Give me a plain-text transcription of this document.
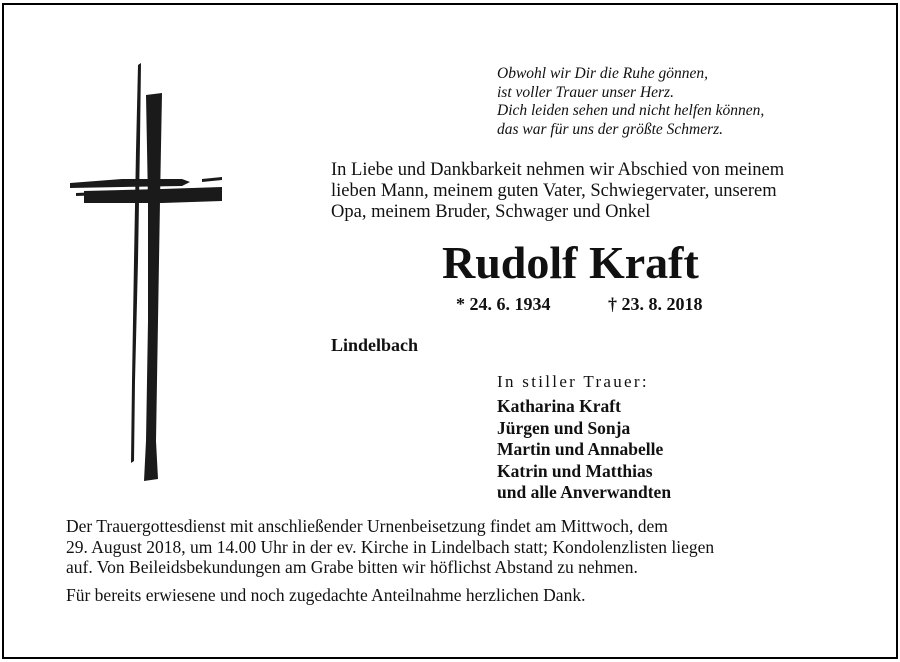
Obwohl wir Dir die Ruhe gönnen,
ist voller Trauer unser Herz.
Dich leiden sehen und nicht helfen können,
das war für uns der größte Schmerz.
In Liebe und Dankbarkeit nehmen wir Abschied von meinem
lieben Mann, meinem guten Vater, Schwiegervater, unserem
Opa, meinem Bruder, Schwager und Onkel
Rudolf Kraft
* 24. 6. 1934	† 23. 8. 2018
Lindelbach
In stiller Trauer:
Katharina Kraft
Jürgen und Sonja
Martin und Annabelle
Katrin und Matthias
und alle Anverwandten
Der Trauergottesdienst mit anschließender Urnenbeisetzung findet am Mittwoch, dem
29. August 2018, um 14.00 Uhr in der ev. Kirche in Lindelbach statt; Kondolenzlisten liegen
auf. Von Beileidsbekundungen am Grabe bitten wir höflichst Abstand zu nehmen.
Für bereits erwiesene und noch zugedachte Anteilnahme herzlichen Dank.
